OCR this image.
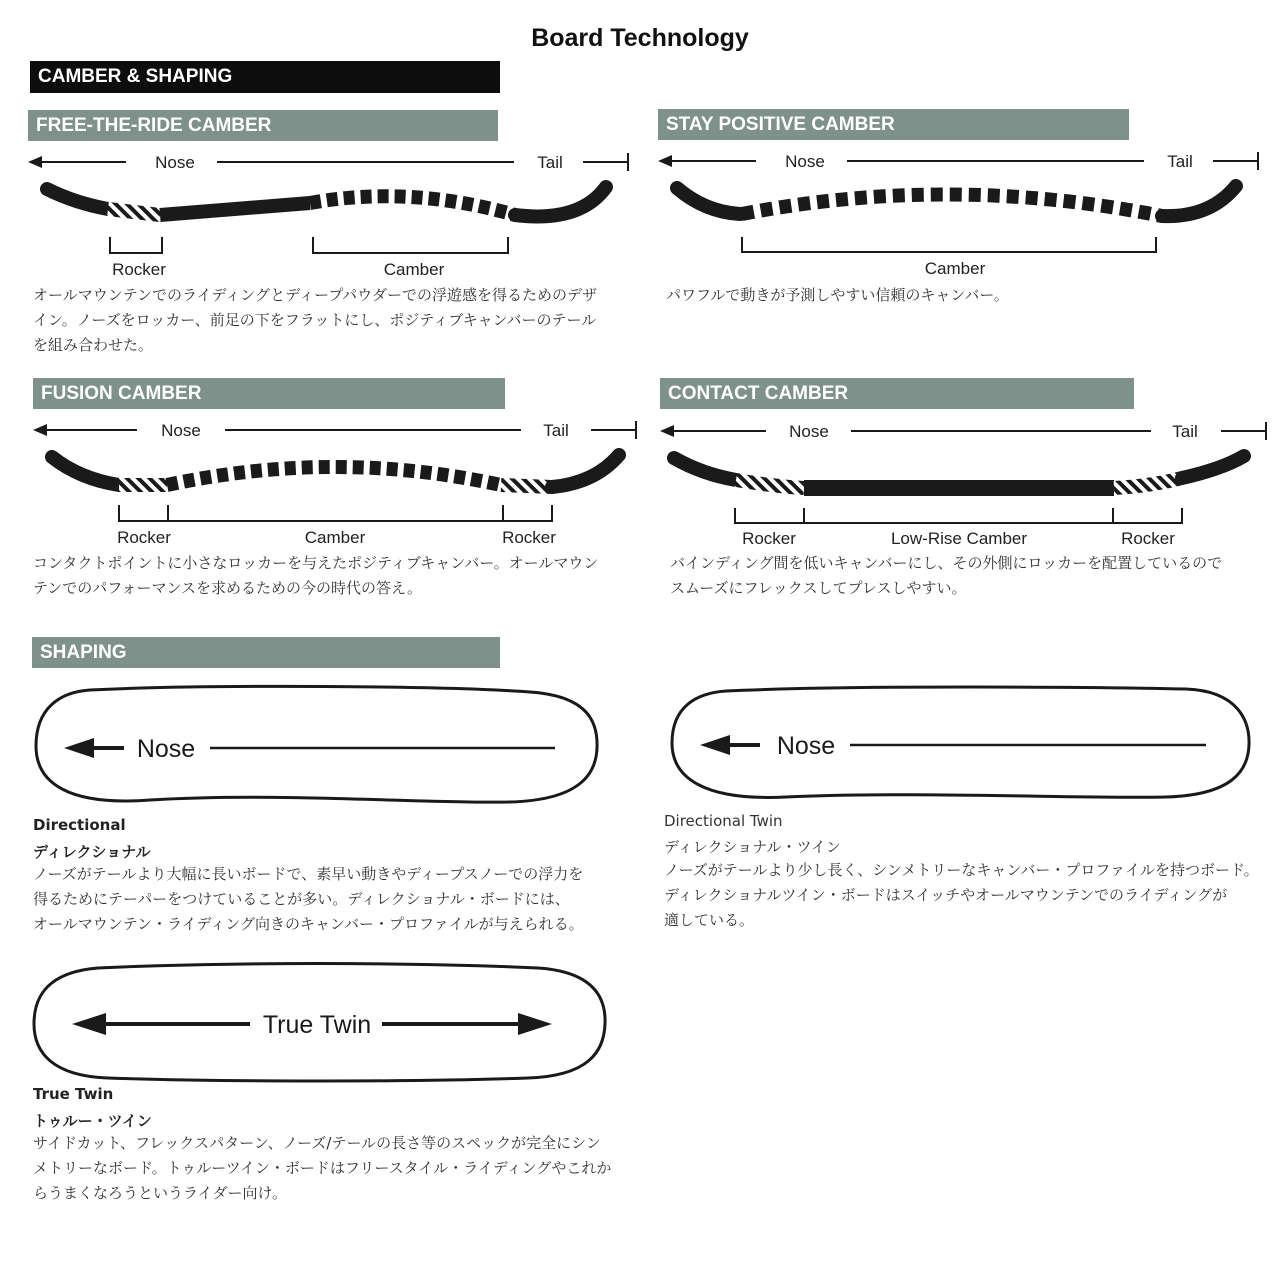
Board Technology
CAMBER & SHAPING
FREE-THE-RIDE CAMBER
Nose	Tail
Rocker	Camber
オールマウンテンでのライディングとディープパウダーでの浮遊感を得るためのデザ
イン。ノーズをロッカー、前足の下をフラットにし、ポジティブキャンバーのテール
を組み合わせた。
STAY POSITIVE CAMBER
Nose	Tail
Camber
パワフルで動きが予測しやすい信頼のキャンバー。
FUSION CAMBER
Nose	Tail
Rocker	Camber	Rocker
コンタクトポイントに小さなロッカーを与えたポジティブキャンバー。オールマウン
テンでのパフォーマンスを求めるための今の時代の答え。
CONTACT CAMBER
Nose	Tail
Rocker	Low-Rise Camber	Rocker
バインディング間を低いキャンバーにし、その外側にロッカーを配置しているので
スムーズにフレックスしてプレスしやすい。
SHAPING
Nose
Directional
ディレクショナル
ノーズがテールより大幅に長いボードで、素早い動きやディープスノーでの浮力を
得るためにテーパーをつけていることが多い。ディレクショナル・ボードには、
オールマウンテン・ライディング向きのキャンバー・プロファイルが与えられる。
Nose
Directional Twin
ディレクショナル・ツイン
ノーズがテールより少し長く、シンメトリーなキャンバー・プロファイルを持つボード。
ディレクショナルツイン・ボードはスイッチやオールマウンテンでのライディングが
適している。
True Twin
True Twin
トゥルー・ツイン
サイドカット、フレックスパターン、ノーズ/テールの長さ等のスペックが完全にシン
メトリーなボード。トゥルーツイン・ボードはフリースタイル・ライディングやこれか
らうまくなろうというライダー向け。
